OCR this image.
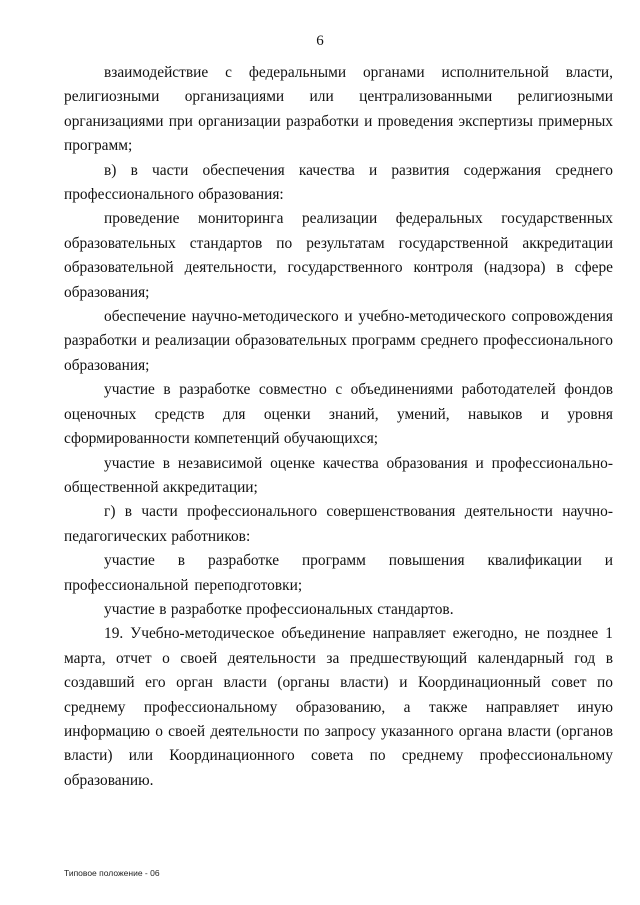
6

взаимодействие с федеральными органами исполнительной власти, религиозными организациями или централизованными религиозными организациями при организации разработки и проведения экспертизы примерных программ;

в) в части обеспечения качества и развития содержания среднего профессионального образования:

проведение мониторинга реализации федеральных государственных образовательных стандартов по результатам государственной аккредитации образовательной деятельности, государственного контроля (надзора) в сфере образования;

обеспечение научно-методического и учебно-методического сопровождения разработки и реализации образовательных программ среднего профессионального образования;

участие в разработке совместно с объединениями работодателей фондов оценочных средств для оценки знаний, умений, навыков и уровня сформированности компетенций обучающихся;

участие в независимой оценке качества образования и профессионально-общественной аккредитации;

г) в части профессионального совершенствования деятельности научно-педагогических работников:

участие в разработке программ повышения квалификации и профессиональной переподготовки;

участие в разработке профессиональных стандартов.

19. Учебно-методическое объединение направляет ежегодно, не позднее 1 марта, отчет о своей деятельности за предшествующий календарный год в создавший его орган власти (органы власти) и Координационный совет по среднему профессиональному образованию, а также направляет иную информацию о своей деятельности по запросу указанного органа власти (органов власти) или Координационного совета по среднему профессиональному образованию.

Типовое положение - 06
